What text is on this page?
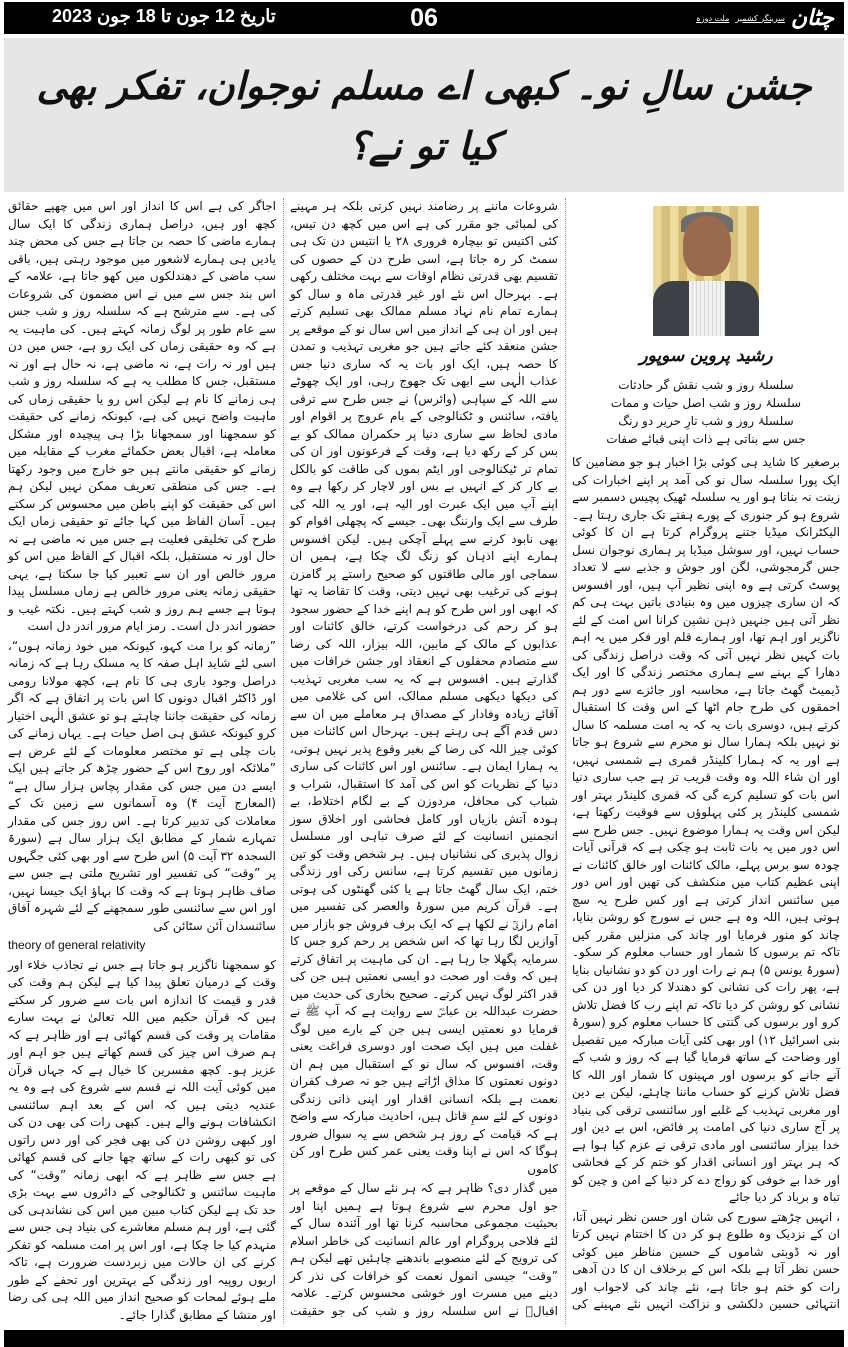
چٹان
سرینگر کشمیر
ملت دوزہ
06
تاریخ 12 جون تا 18 جون 2023
جشن سالِ نو۔ کبھی اے مسلم نوجوان، تفکر بھی کیا تو نے؟
رشید پروین سوپور
سلسلۂ روز و شب نقش گر حادثات
سلسلۂ روز و شب اصل حیات و ممات
سلسلۂ روز و شب تارِ حریر دو رنگ
جس سے بناتی ہے ذات اپنی قبائے صفات

برصغیر کا شاید ہی کوئی بڑا اخبار ہو جو مضامین کا ایک پورا سلسلہ سال نو کی آمد پر اپنے اخبارات کی زینت نہ بناتا ہو اور یہ سلسلہ ٹھیک پچیس دسمبر سے شروع ہو کر جنوری کے پورے ہفتے تک جاری رہتا ہے۔ الیکٹرانک میڈیا جتنے پروگرام کرتا ہے ان کا کوئی حساب نہیں، اور سوشل میڈیا پر ہماری نوجوان نسل جس گرمجوشی، لگن اور جوش و جذبے سے لا تعداد پوسٹ کرتی ہے وہ اپنی نظیر آپ ہیں، اور افسوس کہ ان ساری چیزوں میں وہ بنیادی باتیں بہت ہی کم نظر آتی ہیں جنہیں ذہن نشین کرانا اس امت کے لئے ناگزیر اور اہم تھا، اور ہمارے قلم اور فکر میں یہ اہم بات کہیں نظر نہیں آتی کہ وقت دراصل زندگی کی دھارا کے بہنے سے ہماری مختصر زندگی کا اور ایک ڈیمیٹ گھٹ جاتا ہے، محاسبہ اور جائزے سے دور ہم احمقوں کی طرح جام اٹھا کے اس وقت کا استقبال کرتے ہیں، دوسری بات یہ کہ یہ امت مسلمہ کا سال نو نہیں بلکہ ہمارا سال نو محرم سے شروع ہو جاتا ہے اور یہ کہ ہمارا کلینڈر قمری ہے شمسی نہیں، اور ان شاء اللہ وہ وقت قریب تر ہے جب ساری دنیا اس بات کو تسلیم کرے گی کہ قمری کلینڈر بہتر اور شمسی کلینڈر پر کئی پہلوؤں سے فوقیت رکھتا ہے، لیکن اس وقت یہ ہمارا موضوع نہیں۔ جس طرح سے اس دور میں یہ بات ثابت ہو چکی ہے کہ قرآنی آیات چودہ سو برس پہلے، مالک کائنات اور خالق کائنات نے اپنی عظیم کتاب میں منکشف کی تھیں اور اس دور میں سائنس انداز کرتی ہے اور کس طرح یہ سچ ہوتی ہیں، اللہ وہ ہے جس نے سورج کو روشن بنایا، چاند کو منور فرمایا اور چاند کی منزلیں مقرر کیں تاکہ تم برسوں کا شمار اور حساب معلوم کر سکو۔ (سورۂ یونس ۵) ہم نے رات اور دن کو دو نشانیاں بنایا ہے، پھر رات کی نشانی کو دھندلا کر دیا اور دن کی نشانی کو روشن کر دیا تاکہ تم اپنے رب کا فضل تلاش کرو اور برسوں کی گنتی کا حساب معلوم کرو (سورۂ بنی اسرائیل ۱۲) اور بھی کئی آیات مبارکہ میں تفصیل اور وضاحت کے ساتھ فرمایا گیا ہے کہ روز و شب کے آنے جانے کو برسوں اور مہینوں کا شمار اور اللہ کا فضل تلاش کرنے کو حساب ماننا چاہئے، لیکن بے دین اور مغربی تہذیب کے غلبے اور سائنسی ترقی کی بنیاد پر آج ساری دنیا کی امامت پر فائض، اس بے دین اور خدا بیزار سائنسی اور مادی ترقی نے عزم کیا ہوا ہے کہ ہر بہتر اور انسانی اقدار کو ختم کر کے فحاشی اور خدا بے خوفی کو رواج دے کر دنیا کے امن و چین کو تباہ و برباد کر دیا جائے

، انہیں چڑھتے سورج کی شان اور حسن نظر نہیں آتا، ان کے نزدیک وہ طلوع ہو کر دن کا اختتام نہیں کرتا اور نہ ڈوبتی شاموں کے حسین مناظر میں کوئی حسن نظر آتا ہے بلکہ اس کے برخلاف ان کا دن آدھی رات کو ختم ہو جاتا ہے، نئے چاند کی لاجواب اور انتہائی حسین دلکشی و نزاکت انہیں نئے مہینے کی شروعات ماننے پر رضامند نہیں کرتی بلکہ ہر مہینے کی لمبائی جو مقرر کی ہے اس میں کچھ دن تیس، کئی اکتیس تو بیچارہ فروری ۲۸ یا انتیس دن تک ہی سمٹ کر رہ جاتا ہے، اسی طرح دن کے حصوں کی تقسیم بھی قدرتی نظام اوقات سے بہت مختلف رکھی ہے۔ بہرحال اس نئے اور غیر قدرتی ماہ و سال کو ہمارے تمام نام نہاد مسلم ممالک بھی تسلیم کرتے ہیں اور ان ہی کے انداز میں اس سال نو کے موقعے پر جشن منعقد کئے جاتے ہیں جو مغربی تہذیب و تمدن کا حصہ ہیں، ایک اور بات یہ کہ ساری دنیا جس عذاب الٰہی سے ابھی تک جھوج رہی، اور ایک چھوٹے سے اللہ کے سپاہی (وائرس) نے جس طرح سے ترقی یافتہ، سائنس و ٹکنالوجی کے بام عروج پر اقوام اور مادی لحاظ سے ساری دنیا پر حکمران ممالک کو بے بس کر کے رکھ دیا ہے، وقت کے فرعونوں اور ان کی تمام تر ٹیکنالوجی اور ایٹم بموں کی طاقت کو بالکل بے کار کر کے انہیں بے بس اور لاچار کر رکھا ہے وہ اپنے آپ میں ایک عبرت اور الیہ ہے، اور یہ اللہ کی طرف سے ایک وارننگ بھی۔ جیسے کہ پچھلی اقوام کو بھی نابود کرنے سے پہلے آچکی ہیں۔ لیکن افسوس ہمارے اپنے اذہان کو زنگ لگ چکا ہے، ہمیں ان سماجی اور مالی طاقتوں کو صحیح راستے پر گامزن ہونے کی ترغیب بھی نہیں دیتی، وقت کا تقاضا یہ تھا کہ ابھی اور اس طرح کو ہم اپنے خدا کے حضور سجود ہو کر رحم کی درخواست کرتے، خالق کائنات اور عذابوں کے مالک کے مابین، اللہ بیزار، اللہ کی رضا سے متصادم محفلوں کے انعقاد اور جشن خرافات میں گذارتے ہیں۔ افسوس ہے کہ یہ سب مغربی تہذیب کی دیکھا دیکھی مسلم ممالک، اس کی غلامی میں آقائے زیادہ وفادار کے مصداق ہر معاملے میں ان سے دس قدم آگے ہی رہتے ہیں۔ بہرحال اس کائنات میں کوئی چیز اللہ کی رضا کے بغیر وقوع پذیر نہیں ہوتی، یہ ہمارا ایمان ہے۔ سائنس اور اس کائنات کی ساری دنیا کے نظریات کو اس کی آمد کا استقبال، شراب و شباب کی محافل، مردوزن کے بے لگام اختلاط، بے ہودہ آتش بازیاں اور کامل فحاشی اور اخلاق سوز انجمنیں انسانیت کے لئے صرف تباہی اور مسلسل زوال پذیری کی نشانیاں ہیں۔ ہر شخص وقت کو تین زمانوں میں تقسیم کرتا ہے، سانس رکی اور زندگی ختم، ایک سال گھٹ جاتا ہے یا کئی گھنٹوں کی ہوتی ہے۔ قرآن کریم میں سورۂ والعصر کی تفسیر میں امام رازیؒ نے لکھا ہے کہ ایک برف فروش جو بازار میں آوازیں لگا رہا تھا کہ اس شخص پر رحم کرو جس کا سرمایہ پگھلا جا رہا ہے۔ ان کی ماہیت پر اتفاق کرتے ہیں کہ وقت اور صحت دو ایسی نعمتیں ہیں جن کی قدر اکثر لوگ نہیں کرتے۔ صحیح بخاری کی حدیث میں حضرت عبداللہ بن عباسؓ سے روایت ہے کہ آپ ﷺ نے فرمایا دو نعمتیں ایسی ہیں جن کے بارے میں لوگ غفلت میں ہیں ایک صحت اور دوسری فراغت یعنی وقت، افسوس کہ سال نو کے استقبال میں ہم ان دونوں نعمتوں کا مذاق اڑاتے ہیں جو نہ صرف کفران نعمت ہے بلکہ انسانی اقدار اور اپنی ذاتی زندگی دونوں کے لئے سمِ قاتل ہیں، احادیث مبارکہ سے واضح ہے کہ قیامت کے روز ہر شخص سے یہ سوال ضرور ہوگا کہ اس نے اپنا وقت یعنی عمر کس طرح اور کن کاموں

میں گذار دی؟ ظاہر ہے کہ ہر نئے سال کے موقعے پر جو اول محرم سے شروع ہوتا ہے ہمیں اپنا اور بحیثیت مجموعی محاسبہ کرنا تھا اور آئندہ سال کے لئے فلاحی پروگرام اور عالم انسانیت کی خاطر اسلام کی ترویج کے لئے منصوبے باندھنے چاہئیں تھے لیکن ہم ”وقت“ جیسی انمول نعمت کو خرافات کی نذر کر دینے میں مسرت اور خوشی محسوس کرتے۔ علامہ اقبالؒ نے اس سلسلہ روز و شب کی جو حقیقت اجاگر کی ہے اس کا انداز اور اس میں چھپے حقائق کچھ اور ہیں، دراصل ہماری زندگی کا ایک سال ہمارے ماضی کا حصہ بن جاتا ہے جس کی محض چند یادیں ہی ہمارے لاشعور میں موجود رہتی ہیں، باقی سب ماضی کے دھندلکوں میں کھو جاتا ہے، علامہ کے اس بند جس سے میں نے اس مضمون کی شروعات کی ہے۔ سے مترشح ہے کہ سلسلہ روز و شب جس سے عام طور پر لوگ زمانہ کہتے ہیں۔ کی ماہیت یہ ہے کہ وہ حقیقی زماں کی ایک رو ہے، جس میں دن ہیں اور نہ رات ہے، نہ ماضی ہے، نہ حال ہے اور نہ مستقبل، جس کا مطلب یہ ہے کہ سلسلہ روز و شب ہی زمانے کا نام ہے لیکن اس رو یا حقیقی زماں کی ماہیت واضح نہیں کی ہے، کیونکہ زمانے کی حقیقت کو سمجھنا اور سمجھانا بڑا ہی پیچیدہ اور مشکل معاملہ ہے، اقبال بعض حکمائے مغرب کے مقابلہ میں زمانے کو حقیقی مانتے ہیں جو خارج میں وجود رکھتا ہے۔ جس کی منطقی تعریف ممکن نہیں لیکن ہم اس کی حقیقت کو اپنے باطن میں محسوس کر سکتے ہیں۔ آسان الفاظ میں کہا جائے تو حقیقی زماں ایک طرح کی تخلیقی فعلیت ہے جس میں نہ ماضی ہے نہ حال اور نہ مستقبل، بلکہ اقبال کے الفاظ میں اس کو مرور خالص اور ان سے تعبیر کیا جا سکتا ہے، یہی حقیقی زمانہ یعنی مرور خالص ہے زماں مسلسل پیدا ہوتا ہے جسے ہم روز و شب کہتے ہیں۔ نکتہ غیب و حضور اندر دل است۔ رمز ایام مرور اندر دل است

”زمانہ کو برا مت کہو، کیونکہ میں خود زمانہ ہوں“، اسی لئے شاید اہل صفہ کا یہ مسلک رہا ہے کہ زمانہ دراصل وجود باری ہی کا نام ہے، کچھ مولانا رومی اور ڈاکٹر اقبال دونوں کا اس بات پر اتفاق ہے کہ اگر زمانہ کی حقیقت جاننا چاہتے ہو تو عشق الٰہی اختیار کرو کیونکہ عشق ہی اصل حیات ہے۔ یہاں زمانے کی بات چلی ہے تو مختصر معلومات کے لئے عرض ہے ”ملائکہ اور روح اس کے حضور چڑھ کر جاتے ہیں ایک ایسے دن میں جس کی مقدار پچاس ہزار سال ہے“ (المعارج آیت ۴) وہ آسمانوں سے زمین تک کے معاملات کی تدبیر کرتا ہے۔ اس روز جس کی مقدار تمہارے شمار کے مطابق ایک ہزار سال ہے (سورۃ السجدہ ۳۲ آیت ۵) اس طرح سے اور بھی کئی جگہوں پر ”وقت“ کی تفسیر اور تشریح ملتی ہے جس سے صاف ظاہر ہوتا ہے کہ وقت کا بہاؤ ایک جیسا نہیں، اور اس سے سائنسی طور سمجھنے کے لئے شہرہ آفاق سائنسدان آئن سٹائن کی

theory of general relativity

کو سمجھنا ناگزیر ہو جاتا ہے جس نے تجاذب خلاء اور وقت کے درمیان تعلق پیدا کیا ہے لیکن ہم وقت کی قدر و قیمت کا اندازہ اس بات سے ضرور کر سکتے ہیں کہ قرآن حکیم میں اللہ تعالیٰ نے بہت سارے مقامات پر وقت کی قسم کھائی ہے اور ظاہر ہے کہ ہم صرف اس چیز کی قسم کھاتے ہیں جو اہم اور عزیز ہو۔ کچھ مفسرین کا خیال ہے کہ جہاں قرآن میں کوئی آیت اللہ نے قسم سے شروع کی ہے وہ یہ عندیہ دیتی ہیں کہ اس کے بعد اہم سائنسی انکشافات ہونے والے ہیں۔ کبھی رات کی بھی دن کی اور کبھی روشن دن کی بھی فجر کی اور دس راتوں کی تو کبھی رات کے ساتھ چھا جانے کی قسم کھائی ہے جس سے ظاہر ہے کہ ابھی زمانہ ”وقت“ کی ماہیت سائنس و ٹکنالوجی کے دائروں سے بہت بڑی حد تک ہے لیکن کتاب مبین میں اس کی نشاندہی کی گئی ہے، اور ہم مسلم معاشرے کی بنیاد ہی جس سے منہدم کیا جا چکا ہے، اور اس پر امت مسلمہ کو تفکر کرنے کی ان حالات میں زبردست ضرورت ہے، تاکہ اربوں روپیہ اور زندگی کے بہترین اور تحفے کے طور ملے ہوئے لمحات کو صحیح انداز میں اللہ ہی کی رضا اور منشا کے مطابق گذارا جائے۔
